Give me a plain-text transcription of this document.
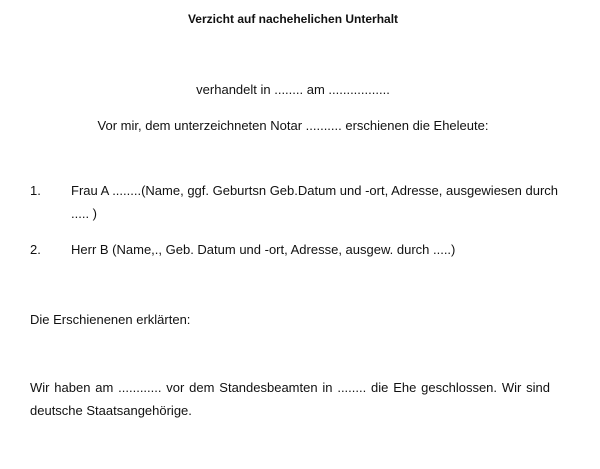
Verzicht auf nachehelichen Unterhalt
verhandelt in ........ am .................
Vor mir, dem unterzeichneten Notar .......... erschienen die Eheleute:
1. Frau A ........(Name, ggf. Geburtsn Geb.Datum und -ort, Adresse, ausgewiesen durch ..... )
2. Herr B (Name,., Geb. Datum und -ort, Adresse, ausgew. durch .....)
Die Erschienenen erklärten:
Wir haben am ............ vor dem Standesbeamten in ........ die Ehe geschlossen. Wir sind deutsche Staatsangehörige.
